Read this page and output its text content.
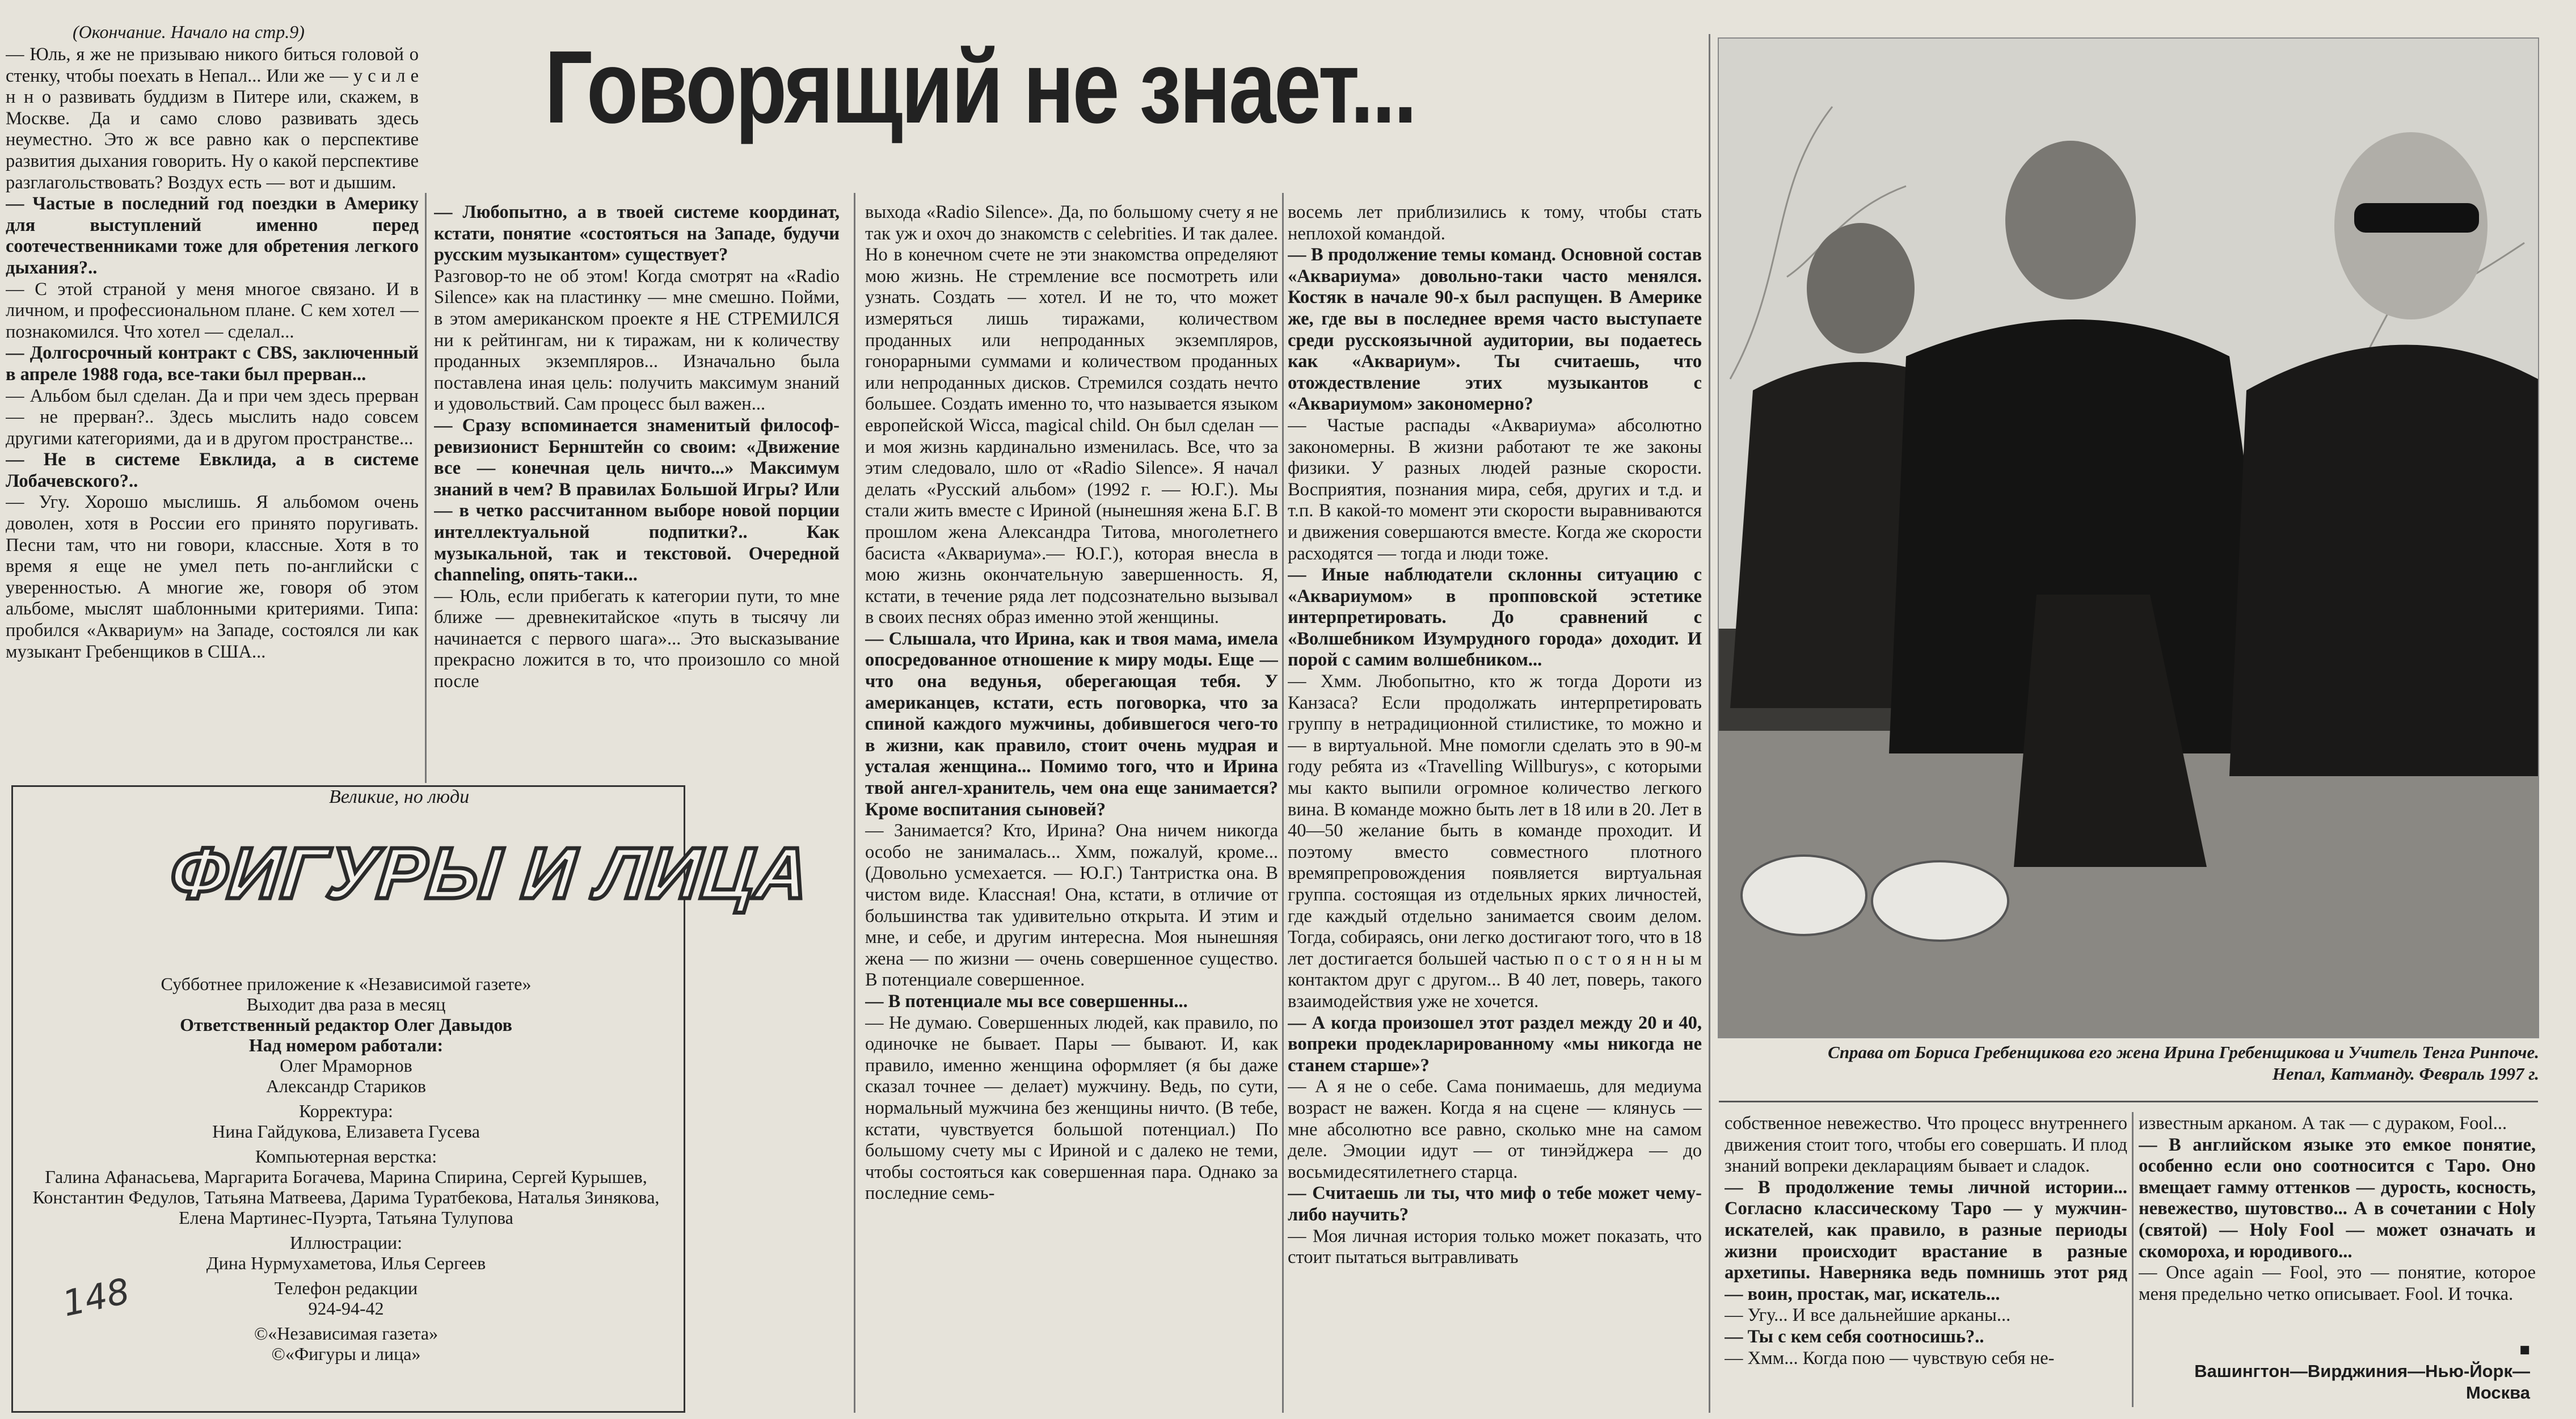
(Окончание. Начало на стр.9) Говорящий не знает...

— Юль, я же не призываю никого биться головой о стенку, чтобы поехать в Непал... Или же — у с и л е н н о развивать буддизм в Питере или, скажем, в Москве. Да и само слово развивать здесь неуместно. Это ж все равно как о перспективе развития дыхания говорить. Ну о какой перспективе разглагольствовать? Воздух есть — вот и дышим.

— Частые в последний год поездки в Америку для выступлений именно перед соотечественниками тоже для обретения легкого дыхания?..

— С этой страной у меня многое связано. И в личном, и профессиональном плане. С кем хотел — познакомился. Что хотел — сделал...

— Долгосрочный контракт с CBS, заключенный в апреле 1988 года, все-таки был прерван...

— Альбом был сделан. Да и при чем здесь прерван — не прерван?.. Здесь мыслить надо совсем другими категориями, да и в другом пространстве...

— Не в системе Евклида, а в системе Лобачевского?..

— Угу. Хорошо мыслишь. Я альбомом очень доволен, хотя в России его принято поругивать. Песни там, что ни говори, классные. Хотя в то время я еще не умел петь по-английски с уверенностью. А многие же, говоря об этом альбоме, мыслят шаблонными критериями. Типа: пробился «Аквариум» на Западе, состоялся ли как музыкант Гребенщиков в США...

— Любопытно, а в твоей системе координат, кстати, понятие «состояться на Западе, будучи русским музыкантом» существует?

Разговор-то не об этом! Когда смотрят на «Radio Silence» как на пластинку — мне смешно. Пойми, в этом американском проекте я НЕ СТРЕМИЛСЯ ни к рейтингам, ни к тиражам, ни к количеству проданных экземпляров... Изначально была поставлена иная цель: получить максимум знаний и удовольствий. Сам процесс был важен...

— Сразу вспоминается знаменитый философ-ревизионист Бернштейн со своим: «Движение все — конечная цель ничто...» Максимум знаний в чем? В правилах Большой Игры? Или — в четко рассчитанном выборе новой порции интеллектуальной подпитки?.. Как музыкальной, так и текстовой. Очередной channeling, опять-таки...

— Юль, если прибегать к категории пути, то мне ближе — древнекитайское «путь в тысячу ли начинается с первого шага»... Это высказывание прекрасно ложится в то, что произошло со мной после

выхода «Radio Silence». Да, по большому счету я не так уж и охоч до знакомств с celebrities. И так далее. Но в конечном счете не эти знакомства определяют мою жизнь. Не стремление все посмотреть или узнать. Создать — хотел. И не то, что может измеряться лишь тиражами, количеством проданных или непроданных экземпляров, гонорарными суммами и количеством проданных или непроданных дисков. Стремился создать нечто большее. Создать именно то, что называется языком европейской Wicca, magical child. Он был сделан — и моя жизнь кардинально изменилась. Все, что за этим следовало, шло от «Radio Silence». Я начал делать «Русский альбом» (1992 г. — Ю.Г.). Мы стали жить вместе с Ириной (нынешняя жена Б.Г. В прошлом жена Александра Титова, многолетнего басиста «Аквариума».— Ю.Г.), которая внесла в мою жизнь окончательную завершенность. Я, кстати, в течение ряда лет подсознательно вызывал в своих песнях образ именно этой женщины.

— Слышала, что Ирина, как и твоя мама, имела опосредованное отношение к миру моды. Еще — что она ведунья, оберегающая тебя. У американцев, кстати, есть поговорка, что за спиной каждого мужчины, добившегося чего-то в жизни, как правило, стоит очень мудрая и усталая женщина... Помимо того, что и Ирина твой ангел-хранитель, чем она еще занимается? Кроме воспитания сыновей?

— Занимается? Кто, Ирина? Она ничем никогда особо не занималась... Хмм, пожалуй, кроме... (Довольно усмехается. — Ю.Г.) Тантристка она. В чистом виде. Классная! Она, кстати, в отличие от большинства так удивительно открыта. И этим и мне, и себе, и другим интересна. Моя нынешняя жена — по жизни — очень совершенное существо. В потенциале совершенное.

— В потенциале мы все совершенны...

— Не думаю. Совершенных людей, как правило, по одиночке не бывает. Пары — бывают. И, как правило, именно женщина оформляет (я бы даже сказал точнее — делает) мужчину. Ведь, по сути, нормальный мужчина без женщины ничто. (В тебе, кстати, чувствуется большой потенциал.) По большому счету мы с Ириной и с далеко не теми, чтобы состояться как совершенная пара. Однако за последние семь-

восемь лет приблизились к тому, чтобы стать неплохой командой.

— В продолжение темы команд. Основной состав «Аквариума» довольно-таки часто менялся. Костяк в начале 90-х был распущен. В Америке же, где вы в последнее время часто выступаете среди русскоязычной аудитории, вы подаетесь как «Аквариум». Ты считаешь, что отождествление этих музыкантов с «Аквариумом» закономерно?

— Частые распады «Аквариума» абсолютно закономерны. В жизни работают те же законы физики. У разных людей разные скорости. Восприятия, познания мира, себя, других и т.д. и т.п. В какой-то момент эти скорости выравниваются и движения совершаются вместе. Когда же скорости расходятся — тогда и люди тоже.

— Иные наблюдатели склонны ситуацию с «Аквариумом» в пропповской эстетике интерпретировать. До сравнений с «Волшебником Изумрудного города» доходит. И порой с самим волшебником...

— Хмм. Любопытно, кто ж тогда Дороти из Канзаса? Если продолжать интерпретировать группу в нетрадиционной стилистике, то можно и — в виртуальной. Мне помогли сделать это в 90-м году ребята из «Travelling Willburys», с которыми мы както выпили огромное количество легкого вина. В команде можно быть лет в 18 или в 20. Лет в 40—50 желание быть в команде проходит. И поэтому вместо совместного плотного времяпрепровождения появляется виртуальная группа. состоящая из отдельных ярких личностей, где каждый отдельно занимается своим делом. Тогда, собираясь, они легко достигают того, что в 18 лет достигается большей частью п о с т о я н н ы м контактом друг с другом... В 40 лет, поверь, такого взаимодействия уже не хочется.

— А когда произошел этот раздел между 20 и 40, вопреки продекларированному «мы никогда не станем старше»?

— А я не о себе. Сама понимаешь, для медиума возраст не важен. Когда я на сцене — клянусь — мне абсолютно все равно, сколько мне на самом деле. Эмоции идут — от тинэйджера — до восьмидесятилетнего старца.

— Считаешь ли ты, что миф о тебе может чему-либо научить?

— Моя личная история только может показать, что стоит пытаться вытравливать

собственное невежество. Что процесс внутреннего движения стоит того, чтобы его совершать. И плод знаний вопреки декларациям бывает и сладок.

— В продолжение темы личной истории... Согласно классическому Таро — у мужчин-искателей, как правило, в разные периоды жизни происходит врастание в разные архетипы. Наверняка ведь помнишь этот ряд — воин, простак, маг, искатель...

— Угу... И все дальнейшие арканы...

— Ты с кем себя соотносишь?..

— Хмм... Когда пою — чувствую себя не-

известным арканом. А так — с дураком, Fool...

— В английском языке это емкое понятие, особенно если оно соотносится с Таро. Оно вмещает гамму оттенков — дурость, косность, невежество, шутовство... А в сочетании с Holy (святой) — Holy Fool — может означать и скомороха, и юродивого...

— Once again — Fool, это — понятие, которое меня предельно четко описывает. Fool. И точка.

Справа от Бориса Гребенщикова его жена Ирина Гребенщикова и Учитель Тенга Ринпоче.
Непал, Катманду. Февраль 1997 г.
■
Вашингтон—Вирджиния—Нью-Йорк—
Москва
Великие, но люди
ФИГУРЫ И ЛИЦА
Субботнее приложение к «Независимой газете»
Выходит два раза в месяц
Ответственный редактор Олег Давыдов
Над номером работали:
Олег Мраморнов
Александр Стариков
Корректура:
Нина Гайдукова, Елизавета Гусева
Компьютерная верстка:
Галина Афанасьева, Маргарита Богачева, Марина Спирина, Сергей Курышев,
Константин Федулов, Татьяна Матвеева, Дарима Туратбекова, Наталья Зинякова,
Елена Мартинес-Пуэрта, Татьяна Тулупова
Иллюстрации:
Дина Нурмухаметова, Илья Сергеев
Телефон редакции
924-94-42
©«Независимая газета»
©«Фигуры и лица»
148
